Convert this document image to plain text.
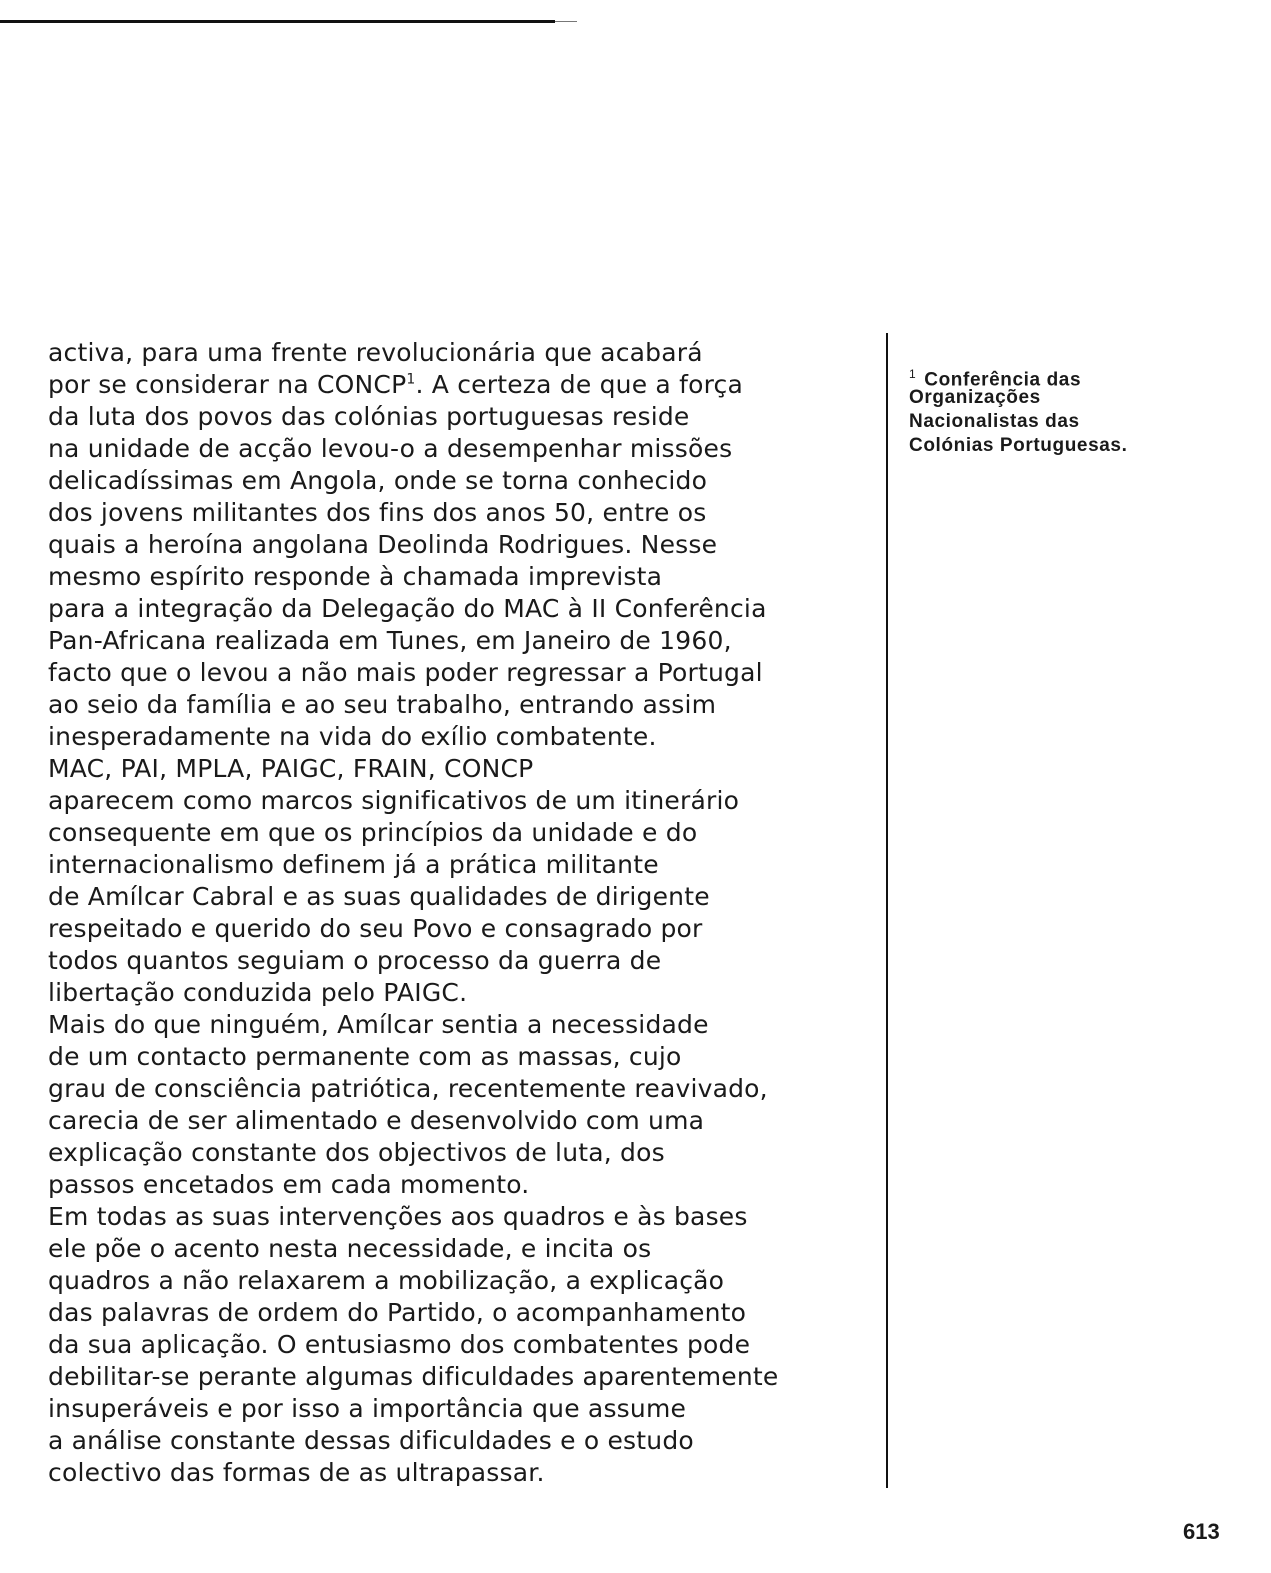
activa, para uma frente revolucionária que acabará
por se considerar na CONCP$^1$. A certeza de que a força
da luta dos povos das colónias portuguesas reside
na unidade de acção levou-o a desempenhar missões
delicadíssimas em Angola, onde se torna conhecido
dos jovens militantes dos fins dos anos 50, entre os
quais a heroína angolana Deolinda Rodrigues. Nesse
mesmo espírito responde à chamada imprevista
para a integração da Delegação do MAC à II Conferência
Pan-Africana realizada em Tunes, em Janeiro de 1960,
facto que o levou a não mais poder regressar a Portugal
ao seio da família e ao seu trabalho, entrando assim
inesperadamente na vida do exílio combatente.
MAC, PAI, MPLA, PAIGC, FRAIN, CONCP
aparecem como marcos significativos de um itinerário
consequente em que os princípios da unidade e do
internacionalismo definem já a prática militante
de Amílcar Cabral e as suas qualidades de dirigente
respeitado e querido do seu Povo e consagrado por
todos quantos seguiam o processo da guerra de
libertação conduzida pelo PAIGC.
Mais do que ninguém, Amílcar sentia a necessidade
de um contacto permanente com as massas, cujo
grau de consciência patriótica, recentemente reavivado,
carecia de ser alimentado e desenvolvido com uma
explicação constante dos objectivos de luta, dos
passos encetados em cada momento.
Em todas as suas intervenções aos quadros e às bases
ele põe o acento nesta necessidade, e incita os
quadros a não relaxarem a mobilização, a explicação
das palavras de ordem do Partido, o acompanhamento
da sua aplicação. O entusiasmo dos combatentes pode
debilitar-se perante algumas dificuldades aparentemente
insuperáveis e por isso a importância que assume
a análise constante dessas dificuldades e o estudo
colectivo das formas de as ultrapassar.
$^1$ Conferência das
Organizações
Nacionalistas das
Colónias Portuguesas.
613
